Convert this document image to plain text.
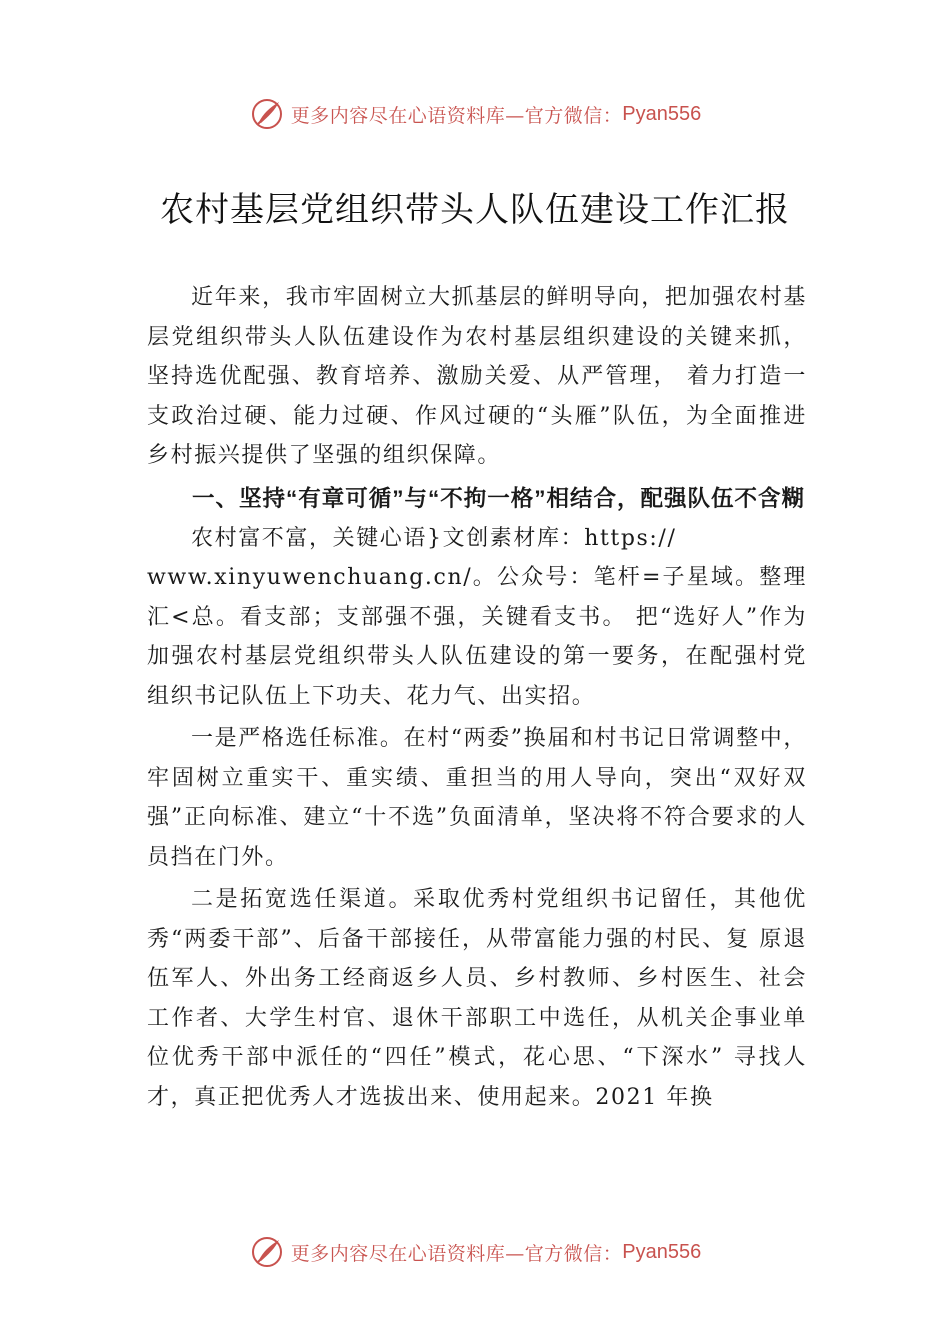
更多内容尽在心语资料库—官方微信： Pyan556
农村基层党组织带头人队伍建设工作汇报

近年来，我市牢固树立大抓基层的鲜明导向，把加强农村基层党组织带头人队伍建设作为农村基层组织建设的关键来抓，坚持选优配强、教育培养、激励关爱、从严管理， 着力打造一支政治过硬、能力过硬、作风过硬的“头雁”队伍，为全面推进乡村振兴提供了坚强的组织保障。

一、坚持“有章可循”与“不拘一格”相结合，配强队伍不含糊

农村富不富，关键心语}文创素材库：https://

www.xinyuwenchuang.cn/。公众号：笔杆=子星域。整理汇<总。看支部；支部强不强，关键看支书。 把“选好人”作为加强农村基层党组织带头人队伍建设的第一要务，在配强村党组织书记队伍上下功夫、花力气、出实招。

一是严格选任标准。在村“两委”换届和村书记日常调整中，牢固树立重实干、重实绩、重担当的用人导向，突出“双好双强”正向标准、建立“十不选”负面清单，坚决将不符合要求的人员挡在门外。

二是拓宽选任渠道。采取优秀村党组织书记留任，其他优秀“两委干部”、后备干部接任，从带富能力强的村民、复 原退伍军人、外出务工经商返乡人员、乡村教师、乡村医生、社会工作者、大学生村官、退休干部职工中选任，从机关企事业单位优秀干部中派任的“四任”模式，花心思、“下深水” 寻找人才，真正把优秀人才选拔出来、使用起来。2021 年换

更多内容尽在心语资料库—官方微信： Pyan556
